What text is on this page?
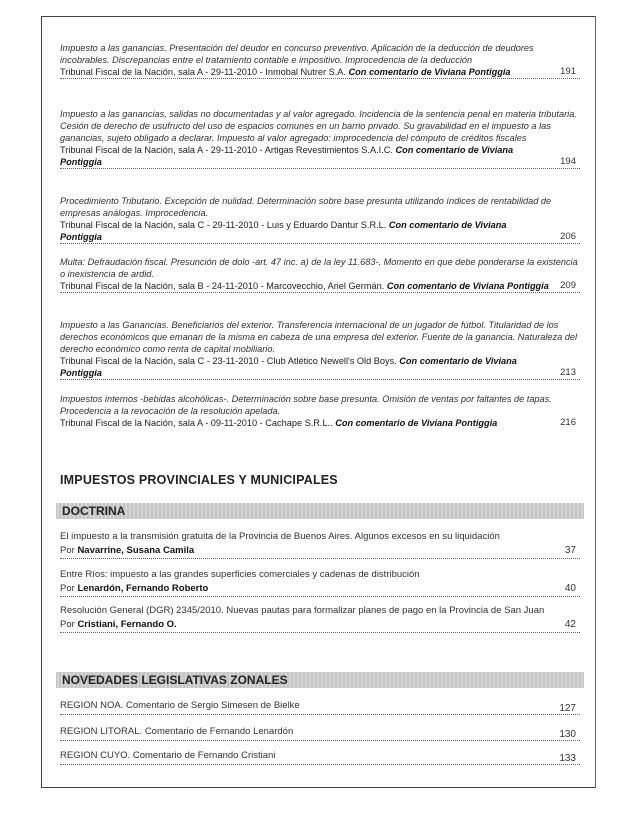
Impuesto a las ganancias. Presentación del deudor en concurso preventivo. Aplicación de la deducción de deudores incobrables. Discrepancias entre el tratamiento contable e impositivo. Improcedencia de la deducción
Tribunal Fiscal de la Nación, sala A - 29-11-2010 - Inmobal Nutrer S.A. Con comentario de Viviana Pontiggia	191
Impuesto a las ganancias, salidas no documentadas y al valor agregado. Incidencia de la sentencia penal en materia tributaria. Cesión de derecho de usufructo del uso de espacios comunes en un barrio privado. Su gravabilidad en el impuesto a las ganancias, sujeto obligado a declarar. Impuesto al valor agregado: improcedencia del cómputo de créditos fiscales
Tribunal Fiscal de la Nación, sala A - 29-11-2010 - Artigas Revestimientos S.A.I.C. Con comentario de Viviana Pontiggia	194
Procedimiento Tributario. Excepción de nulidad. Determinación sobre base presunta utilizando índices de rentabilidad de empresas análogas. Improcedencia.
Tribunal Fiscal de la Nación, sala C - 29-11-2010 - Luis y Eduardo Dantur S.R.L. Con comentario de Viviana Pontiggia	206
Multa: Defraudación fiscal. Presunción de dolo -art. 47 inc. a) de la ley 11.683-. Momento en que debe ponderarse la existencia o inexistencia de ardid.
Tribunal Fiscal de la Nación, sala B - 24-11-2010 - Marcovecchio, Ariel Germán. Con comentario de Viviana Pontiggia 209
Impuesto a las Ganancias. Beneficiarios del exterior. Transferencia internacional de un jugador de fútbol. Titularidad de los derechos económicos que emanan de la misma en cabeza de una empresa del exterior. Fuente de la ganancia. Naturaleza del derecho económico como renta de capital mobiliario.
Tribunal Fiscal de la Nación, sala C - 23-11-2010 - Club Atlético Newell's Old Boys. Con comentario de Viviana Pontiggia	213
Impuestos internos -bebidas alcohólicas-. Determinación sobre base presunta. Omisión de ventas por faltantes de tapas. Procedencia a la revocación de la resolución apelada.
Tribunal Fiscal de la Nación, sala A - 09-11-2010 - Cachape S.R.L.. Con comentario de Viviana Pontiggia	216
IMPUESTOS PROVINCIALES Y MUNICIPALES
DOCTRINA
El impuesto a la transmisión gratuita de la Provincia de Buenos Aires. Algunos excesos en su liquidación
Por Navarrine, Susana Camila	37
Entre Ríos: impuesto a las grandes superficies comerciales y cadenas de distribución
Por Lenardón, Fernando Roberto	40
Resolución General (DGR) 2345/2010. Nuevas pautas para formalizar planes de pago en la Provincia de San Juan
Por Cristiani, Fernando O.	42
NOVEDADES LEGISLATIVAS ZONALES
REGION NOA. Comentario de Sergio Simesen de Bielke	127
REGION LITORAL. Comentario de Fernando Lenardón	130
REGION CUYO. Comentario de Fernando Cristiani	133
